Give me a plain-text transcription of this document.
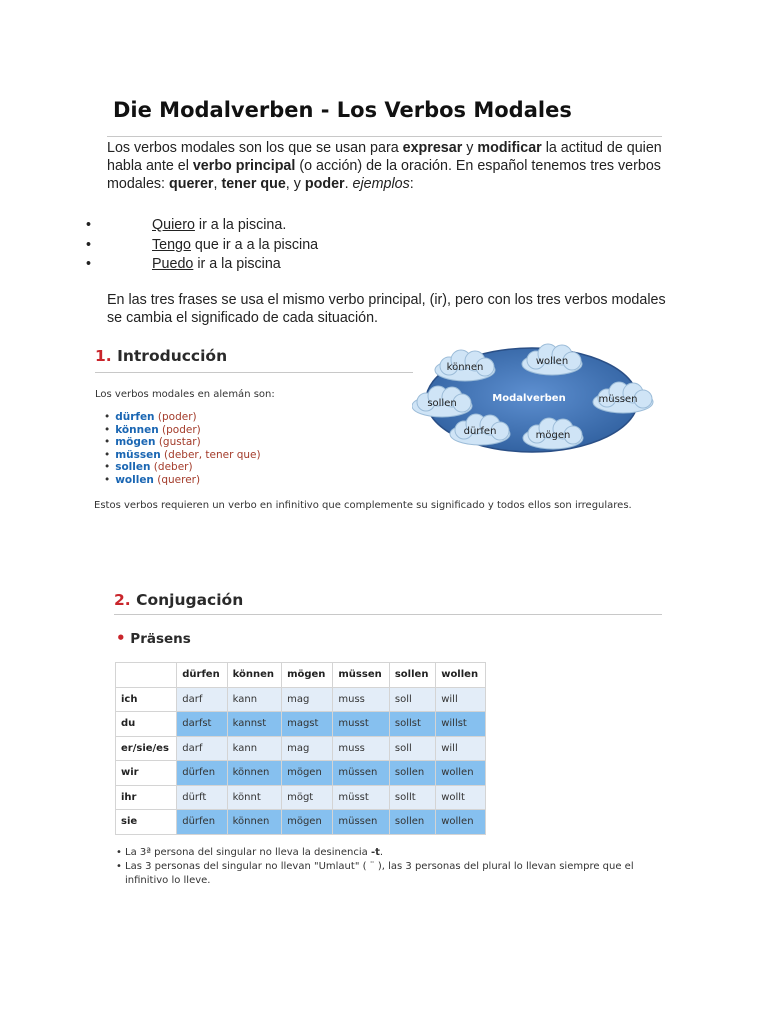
Die Modalverben - Los Verbos Modales
Los verbos modales son los que se usan para expresar y modificar la actitud de quien habla ante el verbo principal (o acción) de la oración. En español tenemos tres verbos modales: querer, tener que, y poder. ejemplos:
•	Quiero ir a la piscina.
•	Tengo que ir a a la piscina
•	Puedo ir a la piscina
En las tres frases se usa el mismo verbo principal, (ir), pero con los tres verbos modales se cambia el significado de cada situación.
1. Introducción
Los verbos modales en alemán son:
• dürfen (poder)
• können (poder)
• mögen (gustar)
• müssen (deber, tener que)
• sollen (deber)
• wollen (querer)
Modalverben
können
wollen
sollen	müssen
dürfen	mögen
Estos verbos requieren un verbo en infinitivo que complemente su significado y todos ellos son irregulares.
2. Conjugación
• Präsens
	dürfen	können	mögen	müssen	sollen	wollen
ich	darf	kann	mag	muss	soll	will
du	darfst	kannst	magst	musst	sollst	willst
er/sie/es	darf	kann	mag	muss	soll	will
wir	dürfen	können	mögen	müssen	sollen	wollen
ihr	dürft	könnt	mögt	müsst	sollt	wollt
sie	dürfen	können	mögen	müssen	sollen	wollen
• La 3ª persona del singular no lleva la desinencia -t.
• Las 3 personas del singular no llevan "Umlaut" ( ¨ ), las 3 personas del plural lo llevan siempre que el infinitivo lo lleve.
